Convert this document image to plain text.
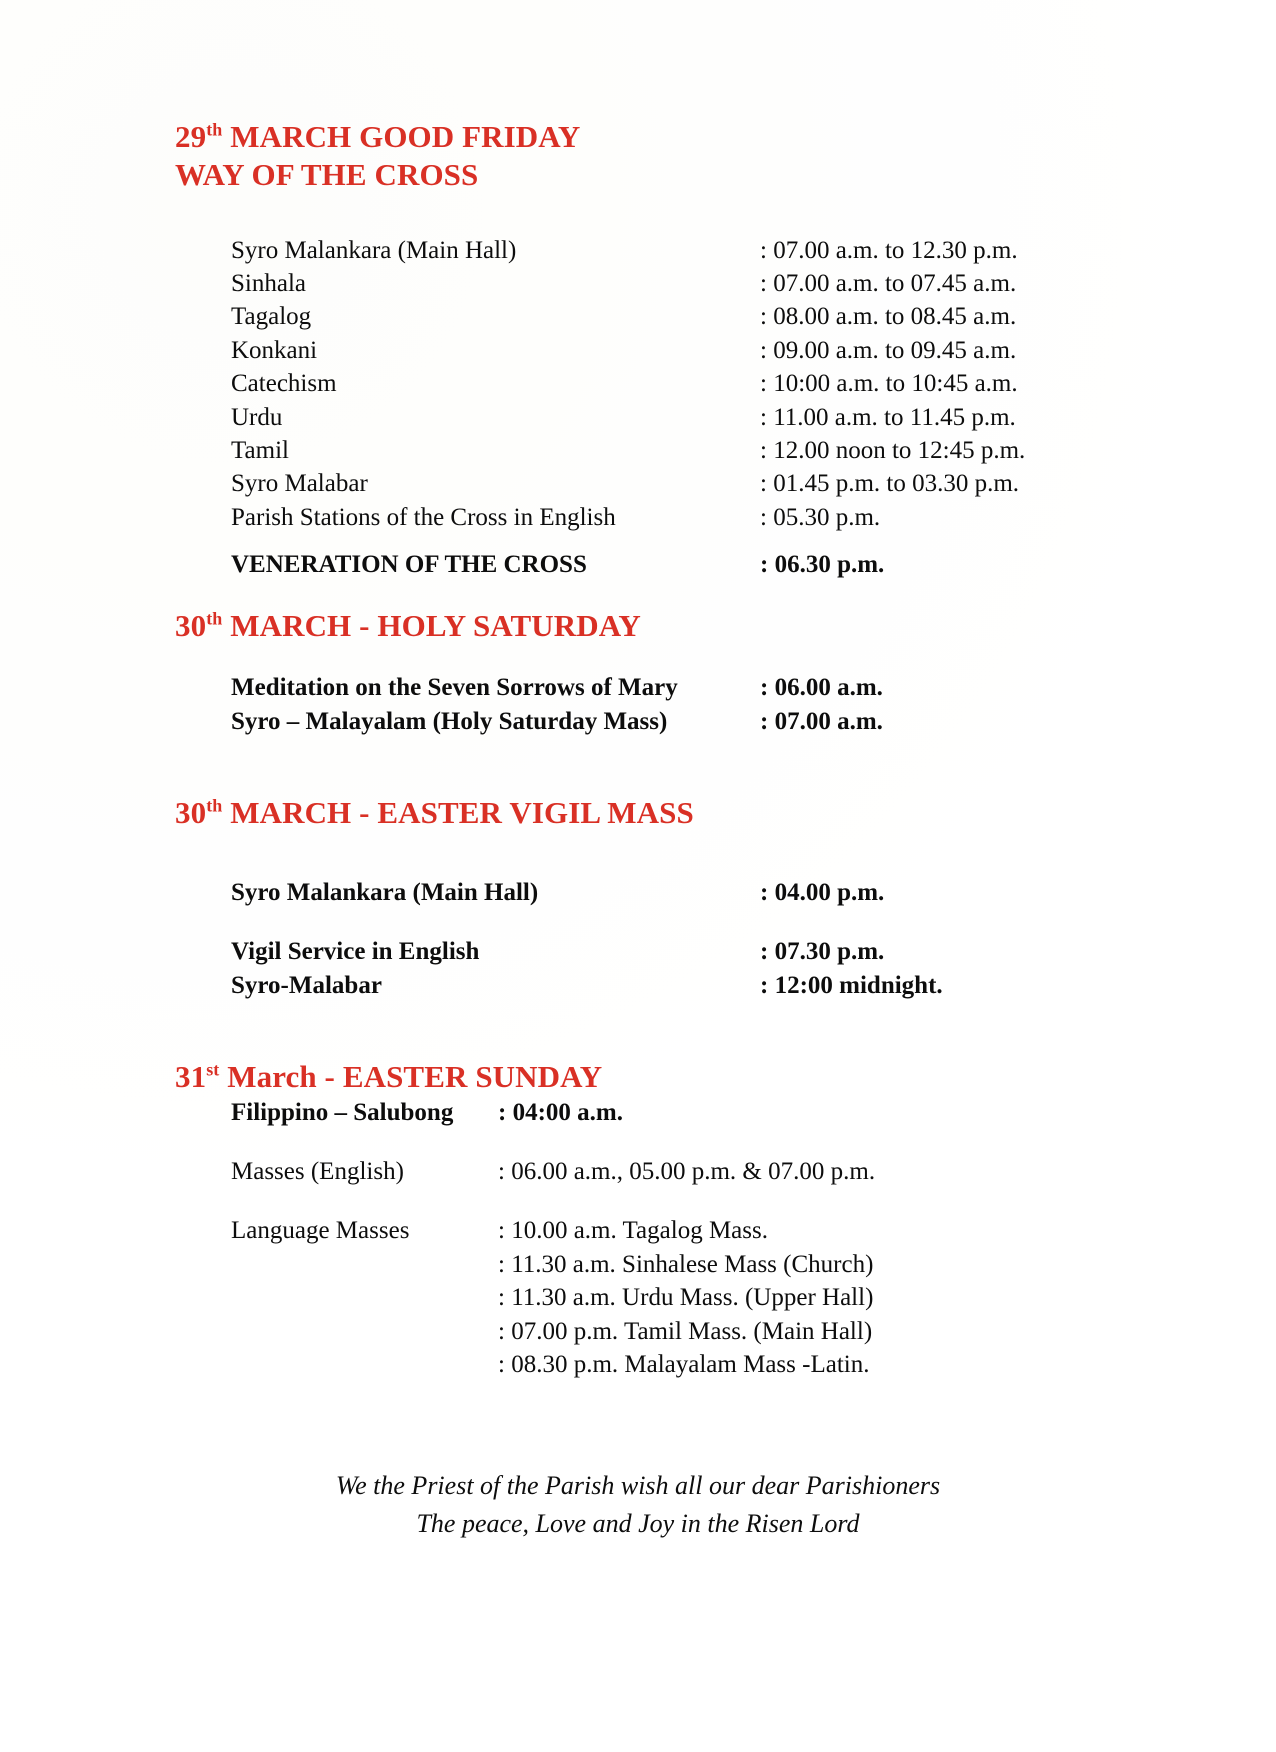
29th MARCH GOOD FRIDAY
WAY OF THE CROSS
Syro Malankara (Main Hall)	: 07.00 a.m. to 12.30 p.m.
Sinhala	: 07.00 a.m. to 07.45 a.m.
Tagalog	: 08.00 a.m. to 08.45 a.m.
Konkani	: 09.00 a.m. to 09.45 a.m.
Catechism	: 10:00 a.m. to 10:45 a.m.
Urdu	: 11.00 a.m. to 11.45 p.m.
Tamil	: 12.00 noon to 12:45 p.m.
Syro Malabar	: 01.45 p.m. to 03.30 p.m.
Parish Stations of the Cross in English	: 05.30 p.m.
VENERATION OF THE CROSS	: 06.30 p.m.
30th MARCH - HOLY SATURDAY
Meditation on the Seven Sorrows of Mary	: 06.00 a.m.
Syro – Malayalam (Holy Saturday Mass)	: 07.00 a.m.
30th MARCH - EASTER VIGIL MASS
Syro Malankara (Main Hall)	: 04.00 p.m.
Vigil Service in English	: 07.30 p.m.
Syro-Malabar	: 12:00 midnight.
31st March - EASTER SUNDAY
Filippino – Salubong	: 04:00 a.m.
Masses (English)	: 06.00 a.m., 05.00 p.m. & 07.00 p.m.
Language Masses	: 10.00 a.m. Tagalog Mass.
: 11.30 a.m. Sinhalese Mass (Church)
: 11.30 a.m. Urdu Mass. (Upper Hall)
: 07.00 p.m. Tamil Mass. (Main Hall)
: 08.30 p.m. Malayalam Mass -Latin.
We the Priest of the Parish wish all our dear Parishioners
The peace, Love and Joy in the Risen Lord
